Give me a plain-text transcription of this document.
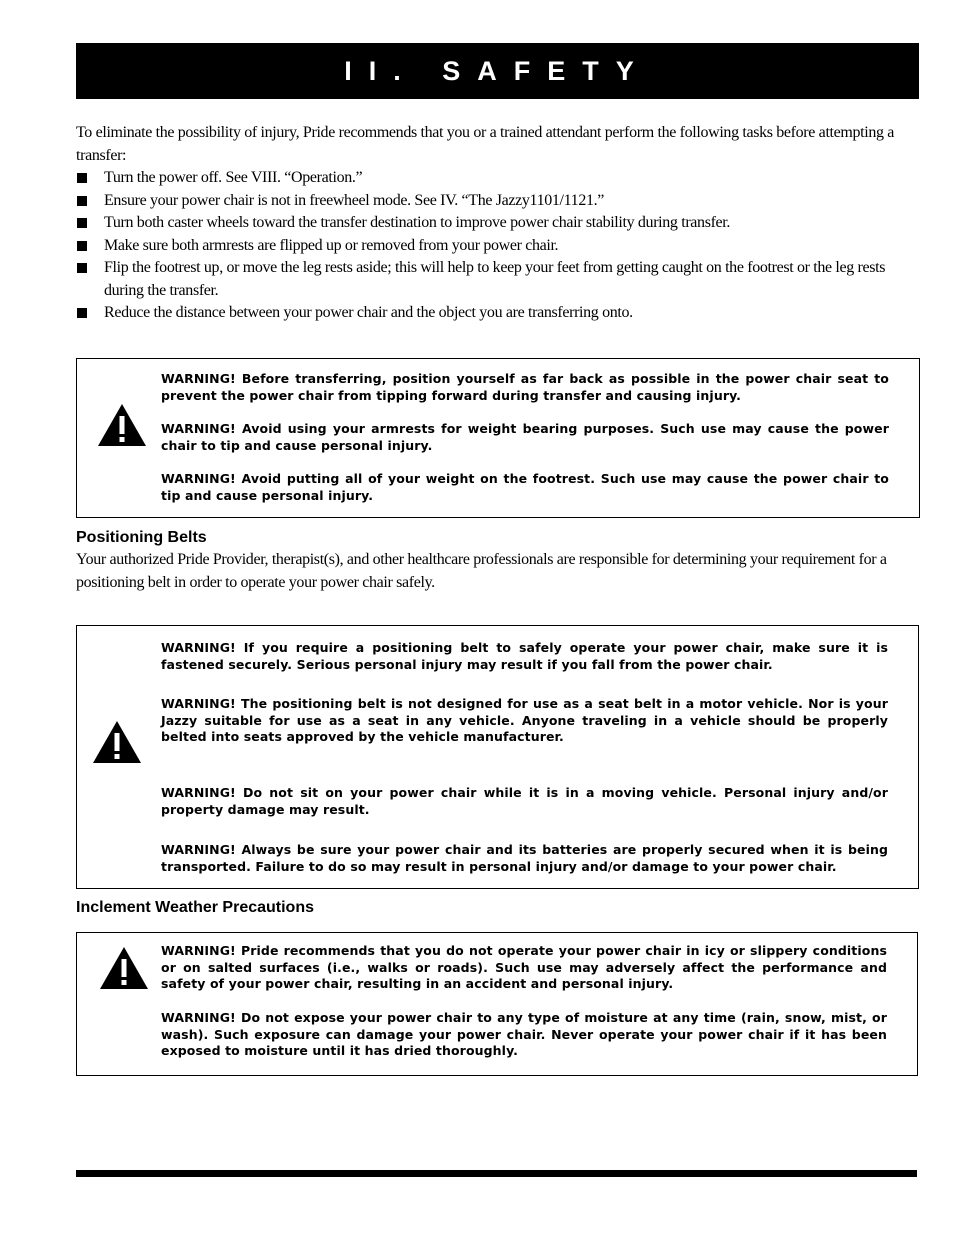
II. SAFETY

To eliminate the possibility of injury, Pride recommends that you or a trained attendant perform the following tasks before attempting a transfer:

Turn the power off. See VIII. “Operation.”
Ensure your power chair is not in freewheel mode. See IV. “The Jazzy1101/1121.”
Turn both caster wheels toward the transfer destination to improve power chair stability during transfer.
Make sure both armrests are flipped up or removed from your power chair.
Flip the footrest up, or move the leg rests aside; this will help to keep your feet from getting caught on the footrest or the leg rests during the transfer.
Reduce the distance between your power chair and the object you are transferring onto.

WARNING! Before transferring, position yourself as far back as possible in the power chair seat to prevent the power chair from tipping forward during transfer and causing injury.

WARNING! Avoid using your armrests for weight bearing purposes. Such use may cause the power chair to tip and cause personal injury.

WARNING! Avoid putting all of your weight on the footrest. Such use may cause the power chair to tip and cause personal injury.

Positioning Belts

Your authorized Pride Provider, therapist(s), and other healthcare professionals are responsible for determining your requirement for a positioning belt in order to operate your power chair safely.

WARNING! If you require a positioning belt to safely operate your power chair, make sure it is fastened securely. Serious personal injury may result if you fall from the power chair.

WARNING! The positioning belt is not designed for use as a seat belt in a motor vehicle. Nor is your Jazzy suitable for use as a seat in any vehicle. Anyone traveling in a vehicle should be properly belted into seats approved by the vehicle manufacturer.

WARNING! Do not sit on your power chair while it is in a moving vehicle. Personal injury and/or property damage may result.

WARNING! Always be sure your power chair and its batteries are properly secured when it is being transported. Failure to do so may result in personal injury and/or damage to your power chair.

Inclement Weather Precautions

WARNING! Pride recommends that you do not operate your power chair in icy or slippery conditions or on salted surfaces (i.e., walks or roads). Such use may adversely affect the performance and safety of your power chair, resulting in an accident and personal injury.

WARNING! Do not expose your power chair to any type of moisture at any time (rain, snow, mist, or wash). Such exposure can damage your power chair. Never operate your power chair if it has been exposed to moisture until it has dried thoroughly.
